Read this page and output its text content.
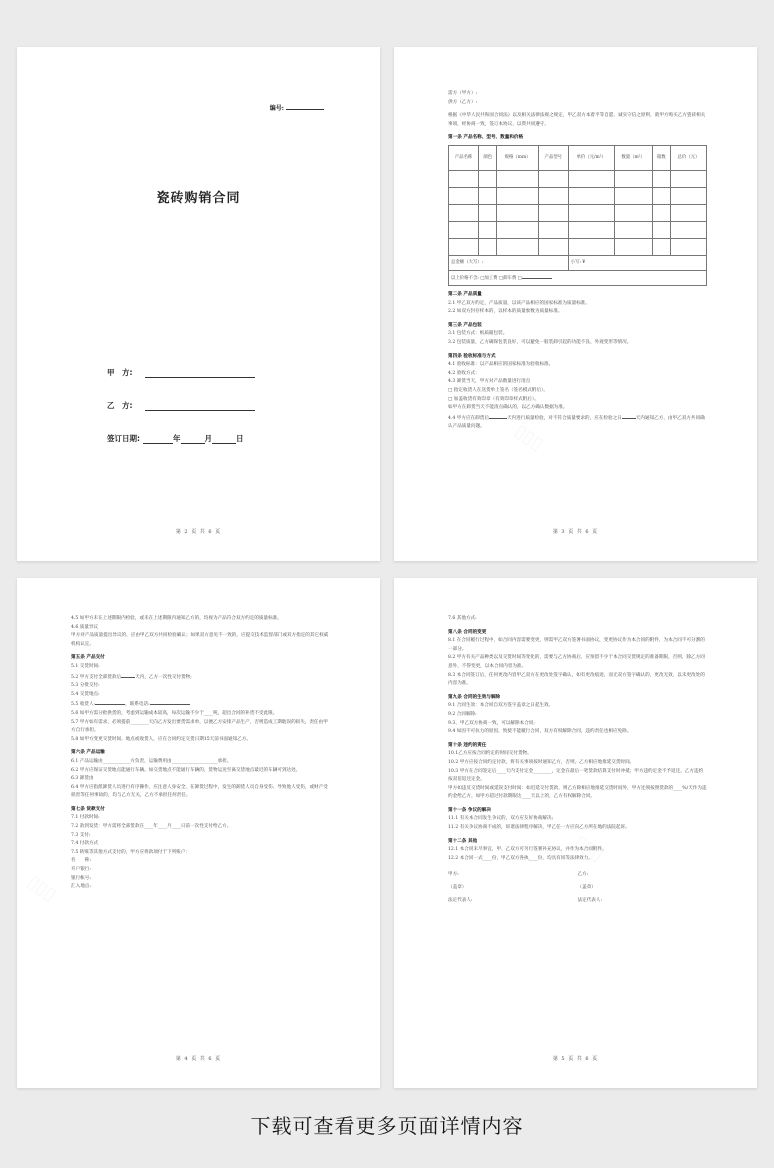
编号:
瓷砖购销合同
甲　方:
乙　方:
签订日期:	年	月	日
第 2 页 共 6 页

需方（甲方）:

供方（乙方）:

根据《中华人民共和国合同法》以及相关法律法规之规定，甲乙双方本着平等自愿、诚实守信之原则，就甲方购买乙方瓷砖相关事项，经协商一致，签订本协议，以资共同遵守。

第一条 产品名称、型号、数量和价格

产品名称	颜色	规格（mm）	产品型号	单价（元/m²）	数量（m²）	箱数	总价（元）

总金额（大写）:				小写: ¥			
以上价格不含: □加工费 □卸车费 □							

第二条 产品质量

2.1 甲乙双方约定，产品质量，以该产品相应的国家标准为质量标准。

2.2 如双方封存样本的，以样本的质量象数为质量标准。

第三条 产品包装

3.1 包装方式：纸质箱包装。

3.2 包装质量，乙方确保包装良好，可以避免一般装卸引起的功能不良、外观变形等情况。

第四条 验收标准与方式

4.1 验收标准：以产品相应的国家标准为验收标准。

4.2 验收方式：

4.3 卸货当天，甲方对产品数量进行清点

□ 指定收货人在送货单上签名（签名模式附后）。

□ 加盖收货有效印章（有效印章样式附后）。

如甲方在卸货当天不能清点确认的，以乙方确认数据为准。

4.4 甲方应在卸货后	天内进行质量检验，对不符合质量要求的，应在检验之日	天内通知乙方，由甲乙双方共同确认产品质量问题。

第 3 页 共 6 页

4.5 如甲方未在上述期限内检验，或未在上述期限内通知乙方的，均视为产品符合双方约定的质量标准。

4.6 质量异议

甲方对产品质量提出异议的，应由甲乙双方共同检验确认；如果双方意见不一致的，应提交技术监督部门或双方指定的其它权威机构认定。

第五条 产品交付

5.1 交货时间:

5.2 甲方支付全部货款后	天内，乙方一次性交付货物;

5.3 分批交付:

5.4 交货地点:

5.5 收货人:	，联系电话:

5.6 如甲方需分批供货的，考虑到运输成本较高，每次运输不少于____吨，超出合同的补货不受此限。

5.7 甲方如有需求，必须提前________天向乙方发出要货需求单，以便乙方安排产品生产，否则造成工期耽误的损失，责任由甲方自行承担。

5.8 如甲方变更交货时间、地点或收货人，应在合同约定交货日期15天前书面通知乙方。

第六条 产品运输

6.1 产品运输由____________方负责，运输费用由____________________承担。

6.2 甲方应保证交货地点能通行车辆。如交货地点不能通行车辆的，货物运送至离交货地点最近的车辆可到达处。

6.3 卸货由

6.4 甲方应指派卸货人员进行有序操作，应注意人身安全，在卸货过程中，发生的卸货人员自身受伤、导致他人受伤，或财产受损害等任何事故的，均与乙方无关，乙方不承担任何责任。

第七条 货款支付

7.1 付款时间:

7.2 款到发货：甲方需将全部货款在____年____月____日前一次性支付给乙方。

7.3 支付:

7.4 付款方式

7.5 转账等其他方式支付的，甲方应将款项付于下列账户：

名　　称:

开户银行:

银行帐号:

汇入地点:

第 4 页 共 6 页

7.6 其他方式:

第八条 合同的变更

8.1 在合同履行过程中，如合同内容需要变更，则需甲乙双方签署书面协议，变更协议作为本合同的附件，为本合同不可分割的一部分。

8.2 甲方有关产品种类以及交货时间等变化的，需要与乙方协商后，应预留不少于本合同交货规定的准备期限，否则，除乙方同意外，不得变更，以本合同内容为准。

8.3 本合同签订后，任何更改内容甲乙双方在更改处签字确认，如有更改痕迹，而无双方签字确认的，更改无效，以未更改处的内容为准。

第九条 合同的生效与解除

9.1 合同生效：本合同自双方签字盖章之日起生效。

9.2 合同解除:

9.3、甲乙双方协商一致，可以解除本合同;

9.4 如因不可抗力的原因，致使不能履行合同，双方有权解除合同，违约责任也相应免除。

第十条 违约的责任

10.1乙方应按合同约定的时间交付货物。

10.2 甲方应按合同约定付款，将有关事项按时通知乙方，否则，乙方相应地推延交货时间。

10.3 甲方在合同签定后____天内支付定金________，定金在最后一笔货款结算支付时冲抵；甲方违约定金不予返还，乙方违约按双倍返还定金。

甲方如违反交货时间或延误支付时间：如迟延交付货款，则乙方除相应地推延交货时间外，甲方还须按照货款的____%/天作为违约金给乙方。如甲方超过付款期限达____天以上的，乙方有权解除合同。

第十一条 争议的解决

11.1 有关本合同发生争议的，双方应友好协商解决;

11.2 有关争议协商不成的，诉诸法律程序解决，甲乙任一方应向乙方所在地的法院起诉。

第十二条 其他

12.1 本合同未尽事宜，甲、乙双方可另行签署补充协议，并作为本合同附件。

12.2 本合同一式____份，甲乙双方各执____份，均具有同等法律效力。

甲方:	乙方:
（盖章）	（盖章）
法定代表人:	法定代表人:
第 5 页 共 6 页
下载可查看更多页面详情内容
